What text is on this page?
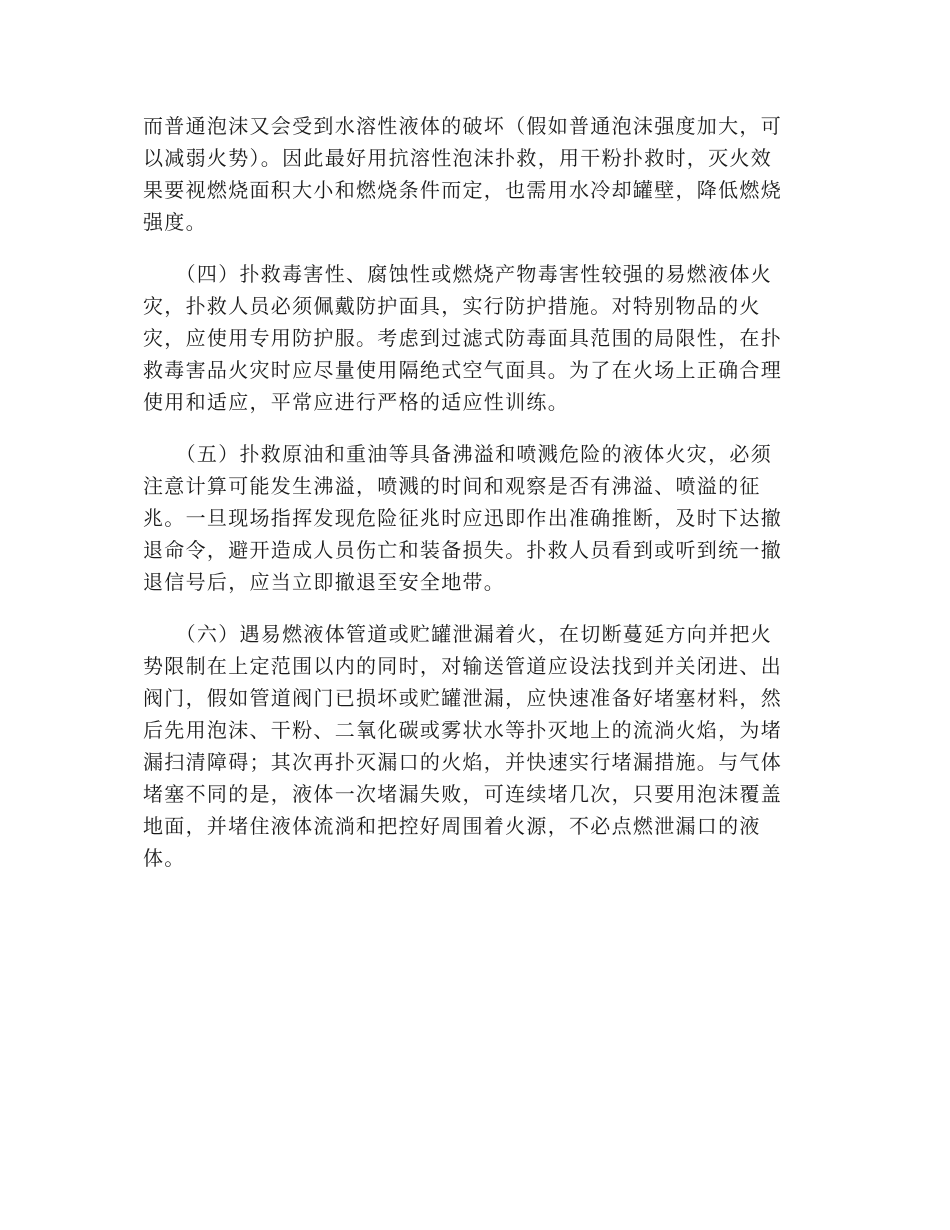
而普通泡沫又会受到水溶性液体的破坏（假如普通泡沫强度加大，可
以减弱火势）。因此最好用抗溶性泡沫扑救，用干粉扑救时，灭火效
果要视燃烧面积大小和燃烧条件而定，也需用水冷却罐壁，降低燃烧
强度。
　　（四）扑救毒害性、腐蚀性或燃烧产物毒害性较强的易燃液体火
灾，扑救人员必须佩戴防护面具，实行防护措施。对特别物品的火
灾，应使用专用防护服。考虑到过滤式防毒面具范围的局限性，在扑
救毒害品火灾时应尽量使用隔绝式空气面具。为了在火场上正确合理
使用和适应，平常应进行严格的适应性训练。
　　（五）扑救原油和重油等具备沸溢和喷溅危险的液体火灾，必须
注意计算可能发生沸溢，喷溅的时间和观察是否有沸溢、喷溢的征
兆。一旦现场指挥发现危险征兆时应迅即作出准确推断，及时下达撤
退命令，避开造成人员伤亡和装备损失。扑救人员看到或听到统一撤
退信号后，应当立即撤退至安全地带。
　　（六）遇易燃液体管道或贮罐泄漏着火，在切断蔓延方向并把火
势限制在上定范围以内的同时，对输送管道应设法找到并关闭进、出
阀门，假如管道阀门已损坏或贮罐泄漏，应快速准备好堵塞材料，然
后先用泡沫、干粉、二氧化碳或雾状水等扑灭地上的流淌火焰，为堵
漏扫清障碍；其次再扑灭漏口的火焰，并快速实行堵漏措施。与气体
堵塞不同的是，液体一次堵漏失败，可连续堵几次，只要用泡沫覆盖
地面，并堵住液体流淌和把控好周围着火源，不必点燃泄漏口的液
体。
